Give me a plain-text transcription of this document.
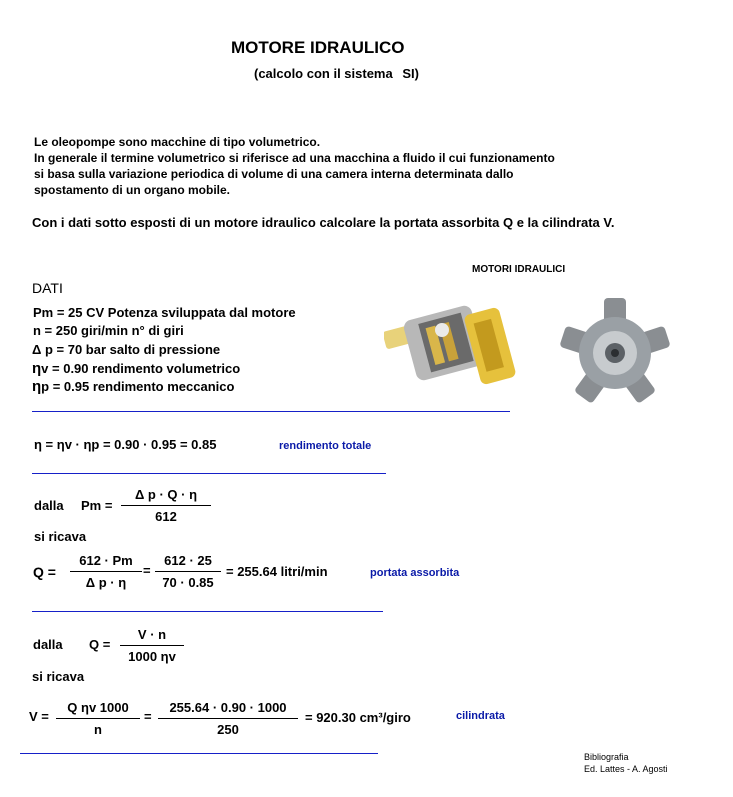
MOTORE IDRAULICO
(calcolo con il sistema SI)
Le oleopompe sono macchine di tipo volumetrico.
In generale il termine volumetrico si riferisce ad una macchina a fluido il cui funzionamento
si basa sulla variazione periodica di volume di una camera interna determinata dallo
spostamento di un organo mobile.
Con i dati sotto esposti di un motore idraulico calcolare la portata assorbita Q e la cilindrata V.
MOTORI IDRAULICI
DATI
Pm = 25 CV Potenza sviluppata dal motore
n = 250 giri/min n° di giri
Δ p = 70 bar salto di pressione
ηv = 0.90 rendimento volumetrico
ηp = 0.95 rendimento meccanico
η = ηv · ηp = 0.90 · 0.95 = 0.85	rendimento totale
dalla Pm =
Δ p · Q · η
612
si ricava
Q =
612 · Pm
Δ p · η
=
612 · 25
70 · 0.85
= 255.64 litri/min	portata assorbita
dalla Q =
V · n
1000 ηv
si ricava
V =
Q ηv 1000
n
=
255.64 · 0.90 · 1000
250
= 920.30 cm³/giro	cilindrata
Bibliografia
Ed. Lattes - A. Agosti
